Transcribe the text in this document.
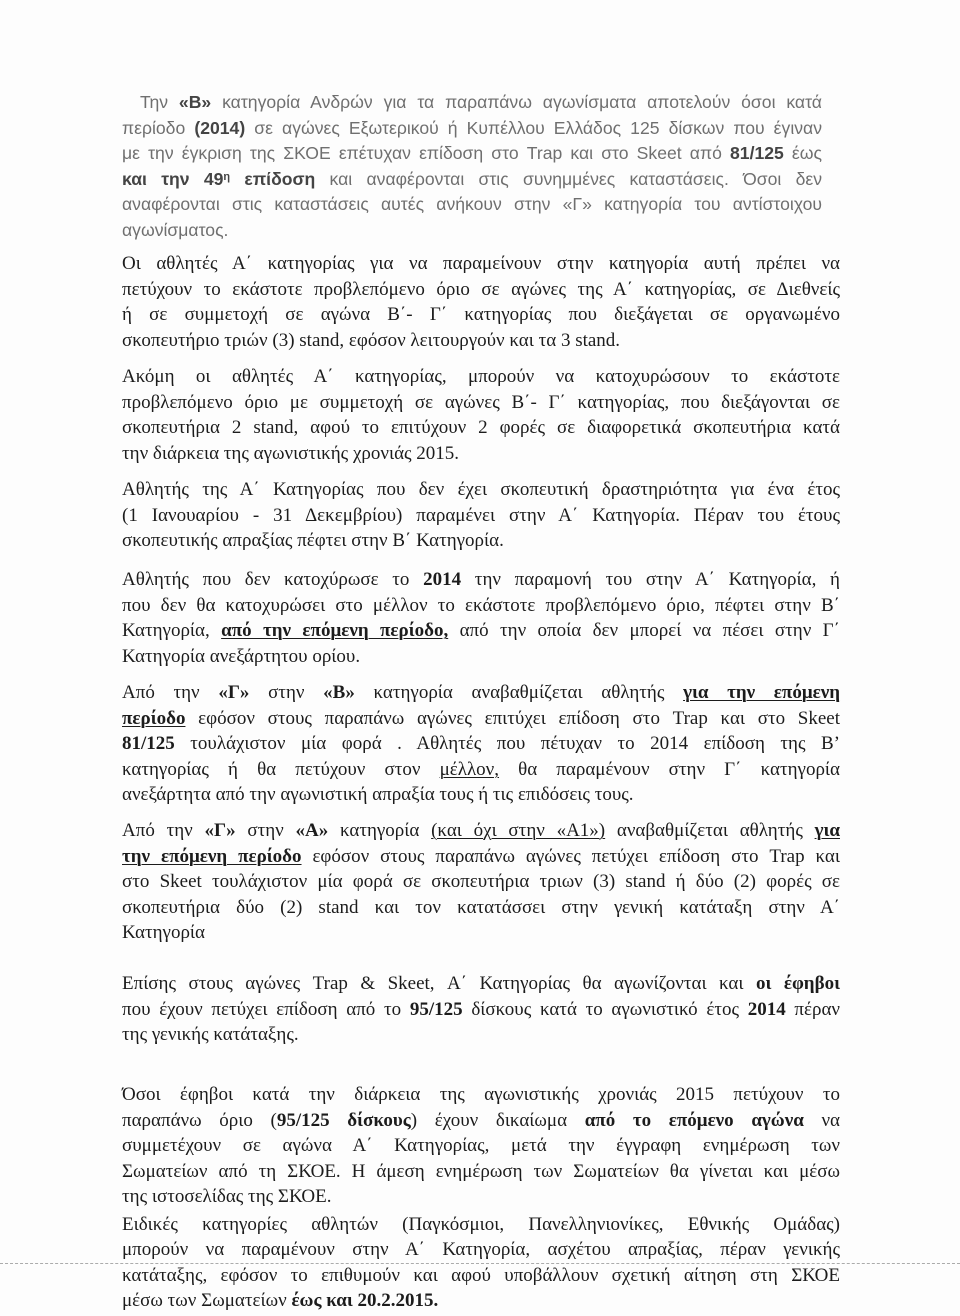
Την «Β» κατηγορία Ανδρών για τα παραπάνω αγωνίσματα αποτελούν όσοι κατά
περίοδο (2014) σε αγώνες Εξωτερικού ή Κυπέλλου Ελλάδος 125 δίσκων που έγιναν
με την έγκριση της ΣΚΟΕ επέτυχαν επίδοση στο Trap και στο Skeet από 81/125 έως
και την $49^\eta$ επίδοση και αναφέρονται στις συνημμένες καταστάσεις. Όσοι δεν
αναφέρονται στις καταστάσεις αυτές ανήκουν στην «Γ» κατηγορία του αντίστοιχου
αγωνίσματος.
Οι αθλητές Α΄ κατηγορίας για να παραμείνουν στην κατηγορία αυτή πρέπει να
πετύχουν το εκάστοτε προβλεπόμενο όριο σε αγώνες της Α΄ κατηγορίας, σε Διεθνείς
ή σε συμμετοχή σε αγώνα Β΄- Γ΄ κατηγορίας που διεξάγεται σε οργανωμένο
σκοπευτήριο τριών (3) stand, εφόσον λειτουργούν και τα 3 stand.
Ακόμη οι αθλητές Α΄ κατηγορίας, μπορούν να κατοχυρώσουν το εκάστοτε
προβλεπόμενο όριο με συμμετοχή σε αγώνες Β΄- Γ΄ κατηγορίας, που διεξάγονται σε
σκοπευτήρια 2 stand, αφού το επιτύχουν 2 φορές σε διαφορετικά σκοπευτήρια κατά
την διάρκεια της αγωνιστικής χρονιάς 2015.
Αθλητής της Α΄ Κατηγορίας που δεν έχει σκοπευτική δραστηριότητα για ένα έτος
(1 Ιανουαρίου - 31 Δεκεμβρίου) παραμένει στην Α΄ Κατηγορία. Πέραν του έτους
σκοπευτικής απραξίας πέφτει στην Β΄ Κατηγορία.
Αθλητής που δεν κατοχύρωσε το 2014 την παραμονή του στην Α΄ Κατηγορία, ή
που δεν θα κατοχυρώσει στο μέλλον το εκάστοτε προβλεπόμενο όριο, πέφτει στην Β΄
Κατηγορία, από την επόμενη περίοδο, από την οποία δεν μπορεί να πέσει στην Γ΄
Κατηγορία ανεξάρτητου ορίου.
Από την «Γ» στην «Β» κατηγορία αναβαθμίζεται αθλητής για την επόμενη
περίοδο εφόσον στους παραπάνω αγώνες επιτύχει επίδοση στο Trap και στο Skeet
81/125 τουλάχιστον μία φορά . Αθλητές που πέτυχαν το 2014 επίδοση της Β’
κατηγορίας ή θα πετύχουν στον μέλλον, θα παραμένουν στην Γ΄ κατηγορία
ανεξάρτητα από την αγωνιστική απραξία τους ή τις επιδόσεις τους.
Από την «Γ» στην «Α» κατηγορία (και όχι στην «Α1») αναβαθμίζεται αθλητής για
την επόμενη περίοδο εφόσον στους παραπάνω αγώνες πετύχει επίδοση στο Trap και
στο Skeet τουλάχιστον μία φορά σε σκοπευτήρια τριων (3) stand ή δύο (2) φορές σε
σκοπευτήρια δύο (2) stand και τον κατατάσσει στην γενική κατάταξη στην Α΄
Κατηγορία
Επίσης στους αγώνες Trap & Skeet, Α΄ Κατηγορίας θα αγωνίζονται και οι έφηβοι
που έχουν πετύχει επίδοση από το 95/125 δίσκους κατά το αγωνιστικό έτος 2014 πέραν
της γενικής κατάταξης.
Όσοι έφηβοι κατά την διάρκεια της αγωνιστικής χρονιάς 2015 πετύχουν το
παραπάνω όριο (95/125 δίσκους) έχουν δικαίωμα από το επόμενο αγώνα να
συμμετέχουν σε αγώνα Α΄ Κατηγορίας, μετά την έγγραφη ενημέρωση των
Σωματείων από τη ΣΚΟΕ. Η άμεση ενημέρωση των Σωματείων θα γίνεται και μέσω
της ιστοσελίδας της ΣΚΟΕ.
Ειδικές κατηγορίες αθλητών (Παγκόσμιοι, Πανελληνιονίκες, Εθνικής Ομάδας)
μπορούν να παραμένουν στην Α΄ Κατηγορία, ασχέτου απραξίας, πέραν γενικής
κατάταξης, εφόσον το επιθυμούν και αφού υποβάλλουν σχετική αίτηση στη ΣΚΟΕ
μέσω των Σωματείων έως και 20.2.2015.
